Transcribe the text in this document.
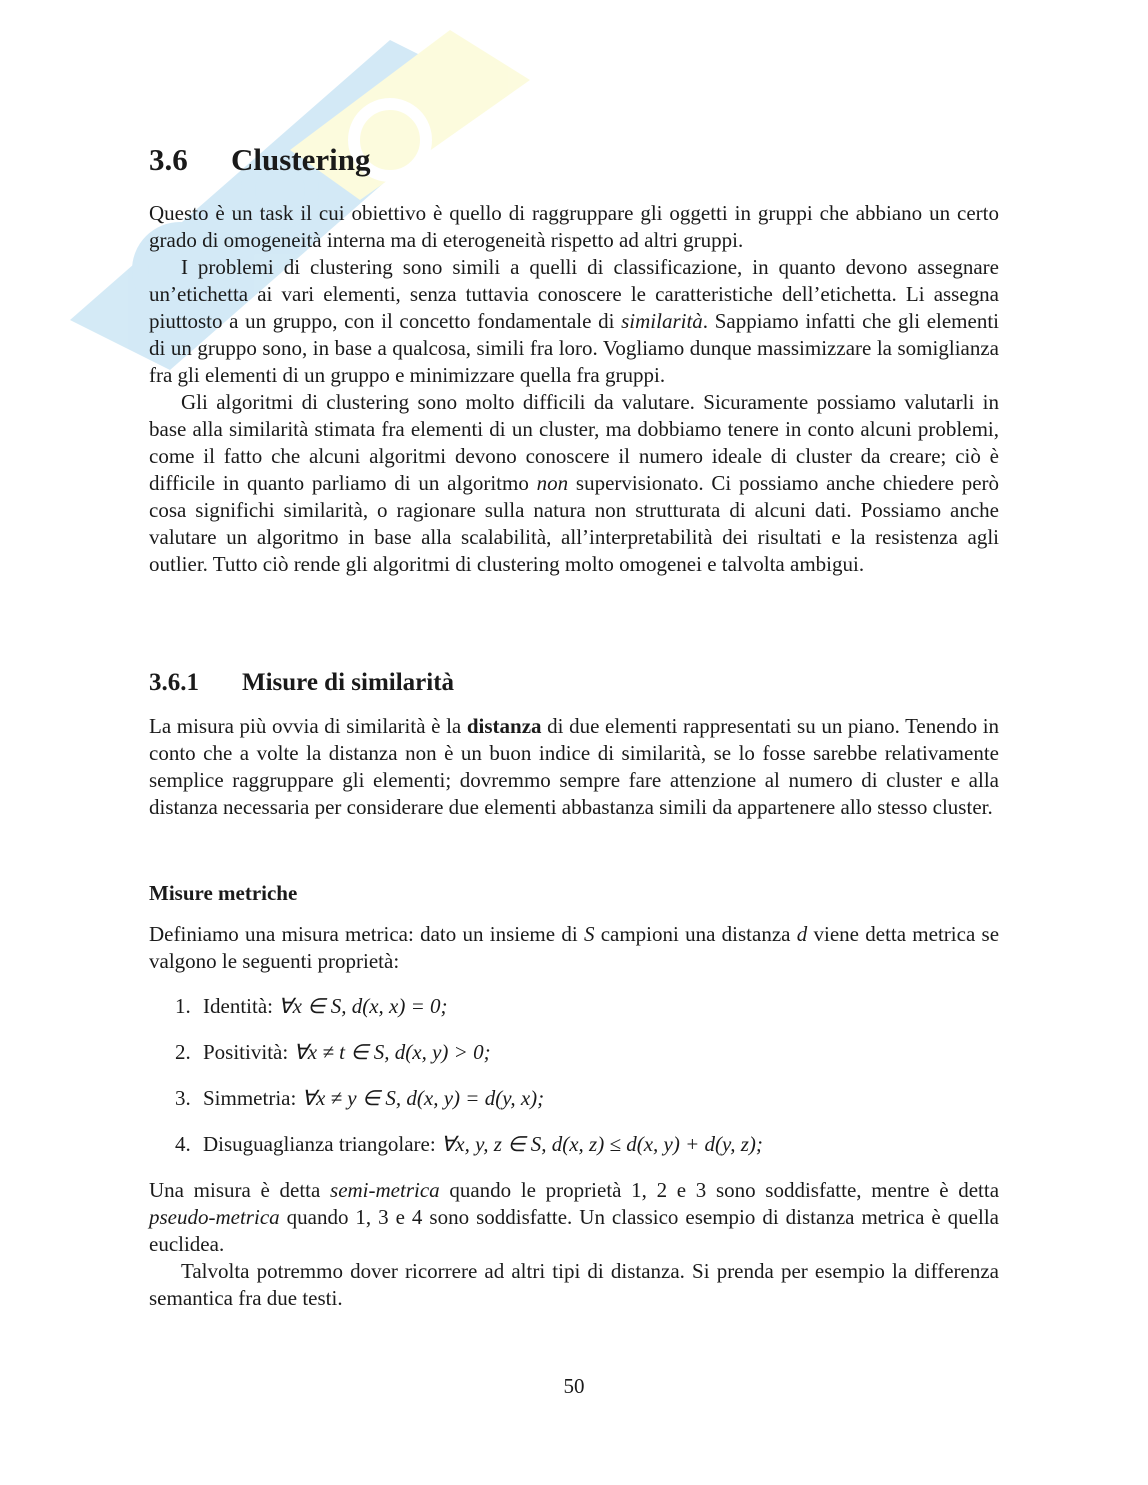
3.6 Clustering

Questo è un task il cui obiettivo è quello di raggruppare gli oggetti in gruppi che abbiano un certo grado di omogeneità interna ma di eterogeneità rispetto ad altri gruppi.

I problemi di clustering sono simili a quelli di classificazione, in quanto devono assegnare un’etichetta ai vari elementi, senza tuttavia conoscere le caratteristiche dell’etichetta. Li assegna piuttosto a un gruppo, con il concetto fondamentale di similarità. Sappiamo infatti che gli elementi di un gruppo sono, in base a qualcosa, simili fra loro. Vogliamo dunque massimizzare la somiglianza fra gli elementi di un gruppo e minimizzare quella fra gruppi.

Gli algoritmi di clustering sono molto difficili da valutare. Sicuramente possiamo valutarli in base alla similarità stimata fra elementi di un cluster, ma dobbiamo tenere in conto alcuni problemi, come il fatto che alcuni algoritmi devono conoscere il numero ideale di cluster da creare; ciò è difficile in quanto parliamo di un algoritmo non supervisionato. Ci possiamo anche chiedere però cosa significhi similarità, o ragionare sulla natura non strutturata di alcuni dati. Possiamo anche valutare un algoritmo in base alla scalabilità, all’interpretabilità dei risultati e la resistenza agli outlier. Tutto ciò rende gli algoritmi di clustering molto omogenei e talvolta ambigui.

3.6.1 Misure di similarità

La misura più ovvia di similarità è la distanza di due elementi rappresentati su un piano. Tenendo in conto che a volte la distanza non è un buon indice di similarità, se lo fosse sarebbe relativamente semplice raggruppare gli elementi; dovremmo sempre fare attenzione al numero di cluster e alla distanza necessaria per considerare due elementi abbastanza simili da appartenere allo stesso cluster.

Misure metriche

Definiamo una misura metrica: dato un insieme di S campioni una distanza d viene detta metrica se valgono le seguenti proprietà:

1. Identità: ∀x ∈ S, d(x, x) = 0;
2. Positività: ∀x ≠ t ∈ S, d(x, y) > 0;
3. Simmetria: ∀x ≠ y ∈ S, d(x, y) = d(y, x);
4. Disuguaglianza triangolare: ∀x, y, z ∈ S, d(x, z) ≤ d(x, y) + d(y, z);

Una misura è detta semi-metrica quando le proprietà 1, 2 e 3 sono soddisfatte, mentre è detta pseudo-metrica quando 1, 3 e 4 sono soddisfatte. Un classico esempio di distanza metrica è quella euclidea.

Talvolta potremmo dover ricorrere ad altri tipi di distanza. Si prenda per esempio la differenza semantica fra due testi.

50
